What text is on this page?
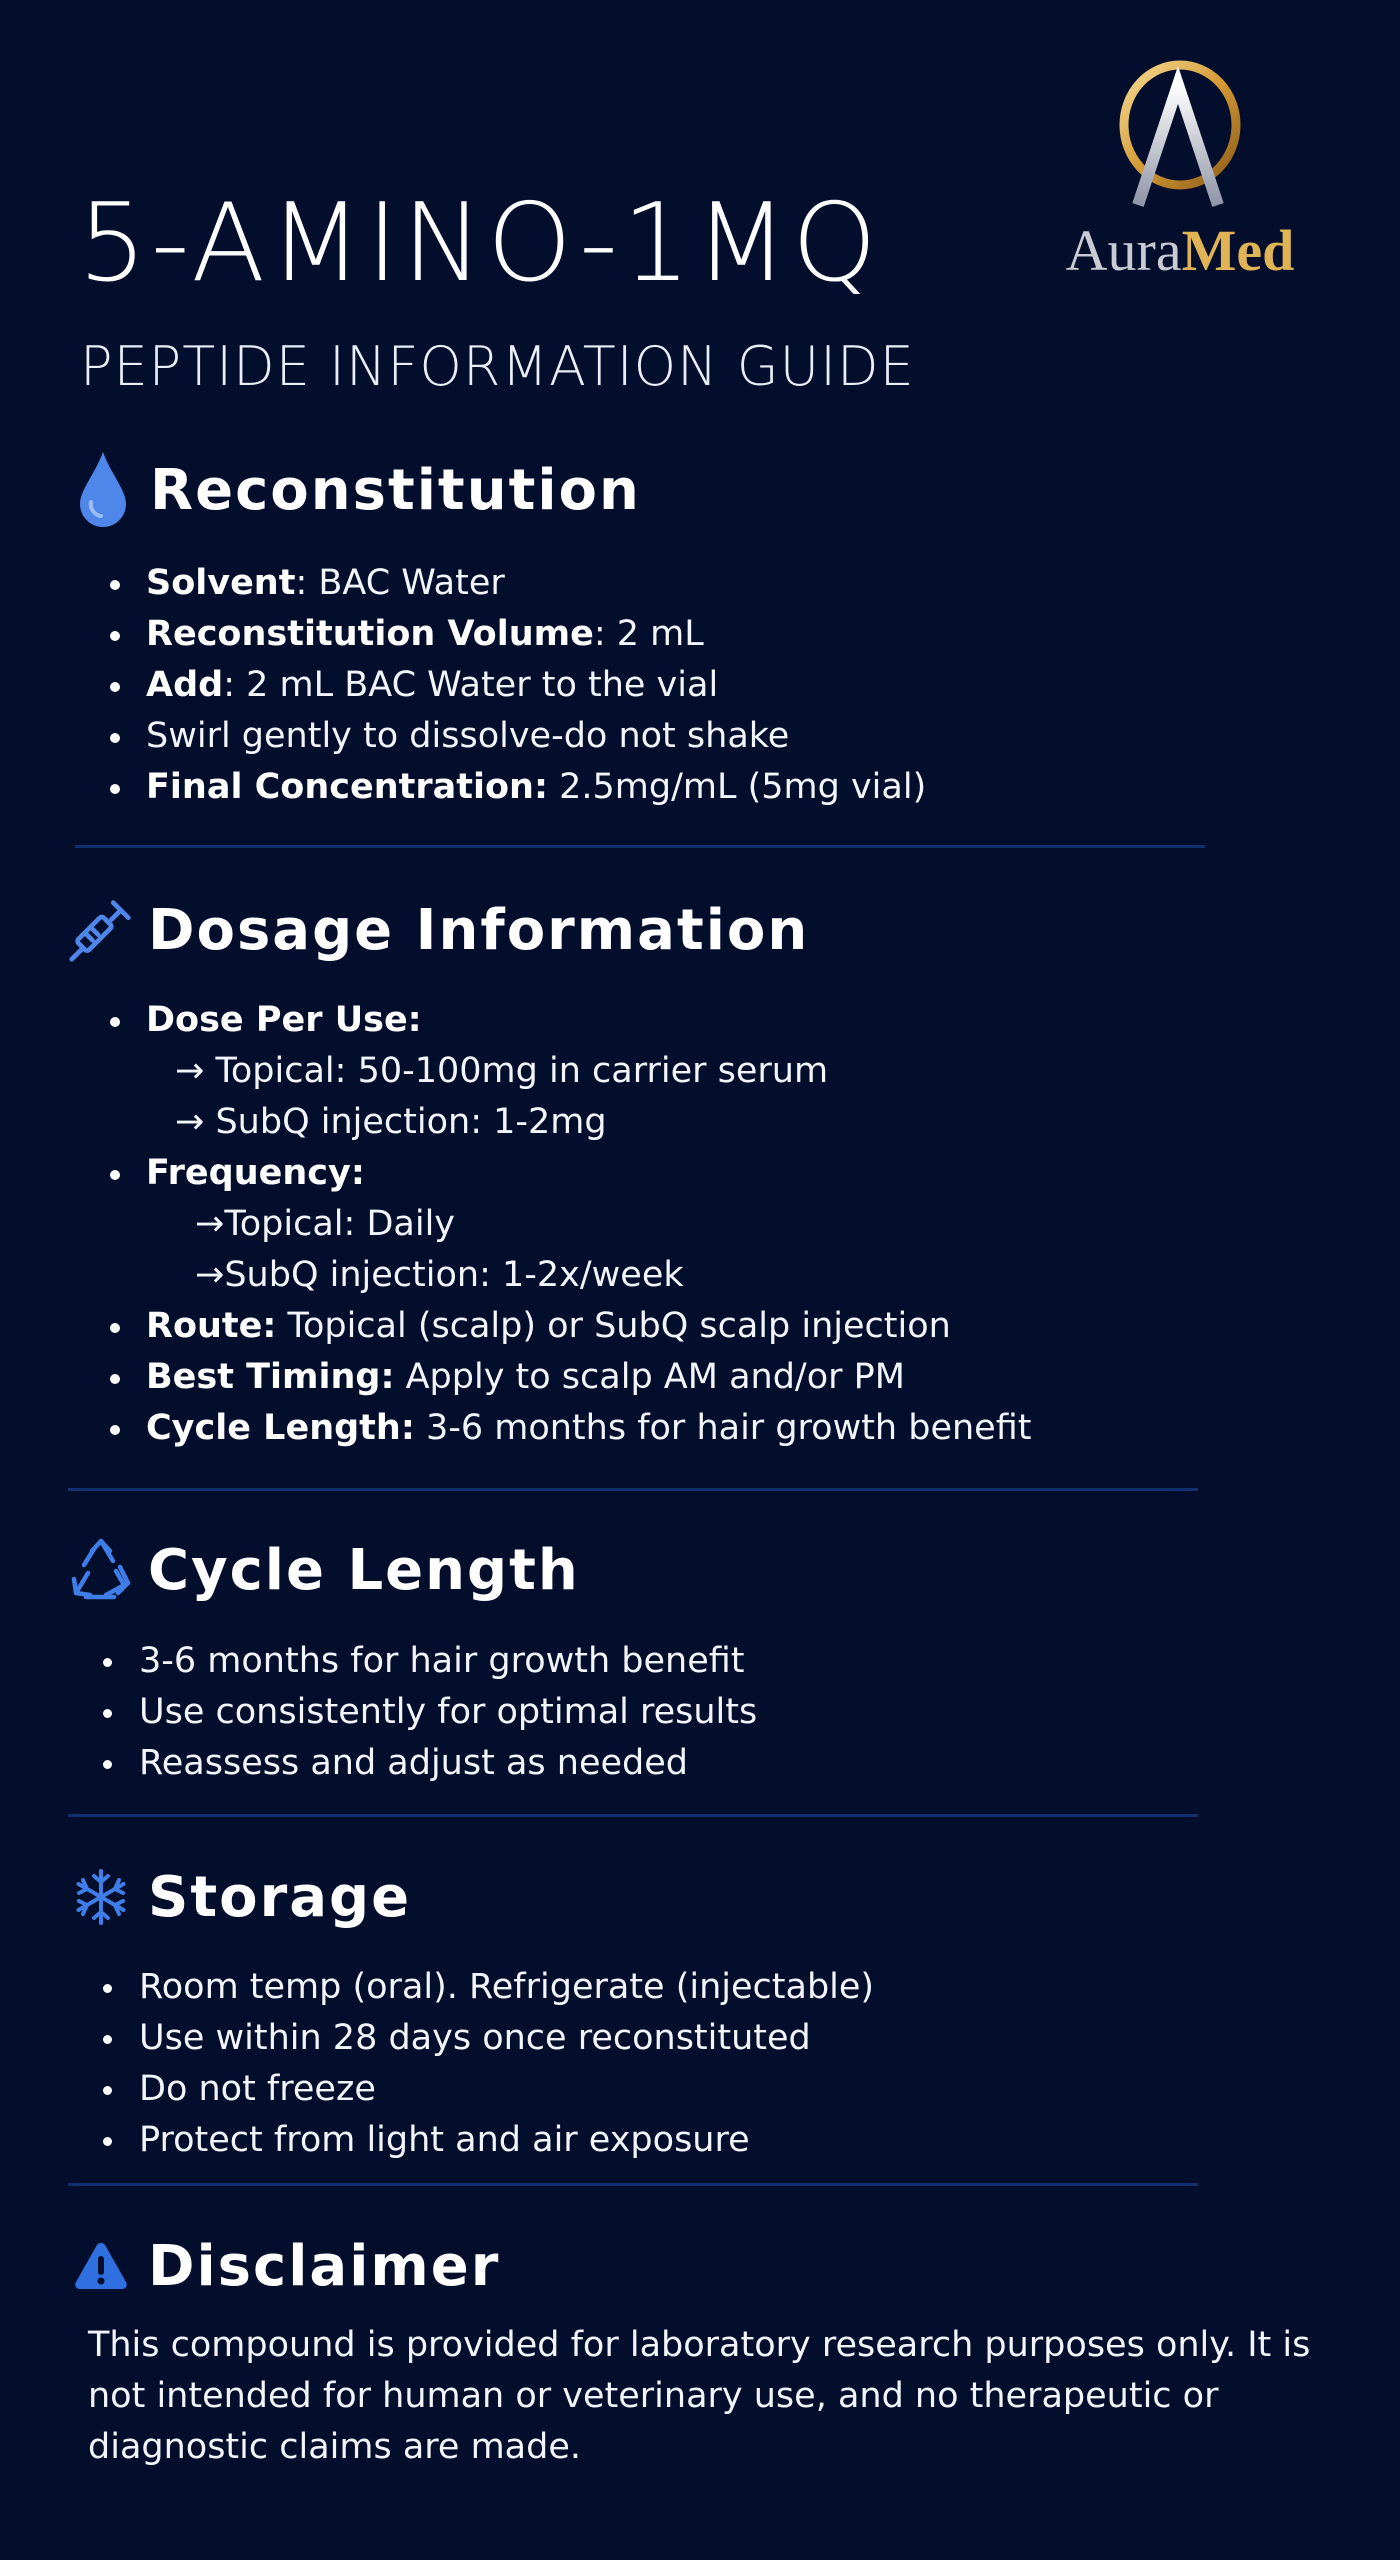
5-AMINO-1MQ
PEPTIDE INFORMATION GUIDE
AuraMed
Reconstitution
Solvent: BAC Water
Reconstitution Volume: 2 mL
Add: 2 mL BAC Water to the vial
Swirl gently to dissolve-do not shake
Final Concentration: 2.5mg/mL (5mg vial)
Dosage Information
Dose Per Use:
→ Topical: 50-100mg in carrier serum
→ SubQ injection: 1-2mg
Frequency:
→Topical: Daily
→SubQ injection: 1-2x/week
Route: Topical (scalp) or SubQ scalp injection
Best Timing: Apply to scalp AM and/or PM
Cycle Length: 3-6 months for hair growth benefit
Cycle Length
3-6 months for hair growth benefit
Use consistently for optimal results
Reassess and adjust as needed
Storage
Room temp (oral). Refrigerate (injectable)
Use within 28 days once reconstituted
Do not freeze
Protect from light and air exposure
Disclaimer
This compound is provided for laboratory research purposes only. It is not intended for human or veterinary use, and no therapeutic or diagnostic claims are made.
